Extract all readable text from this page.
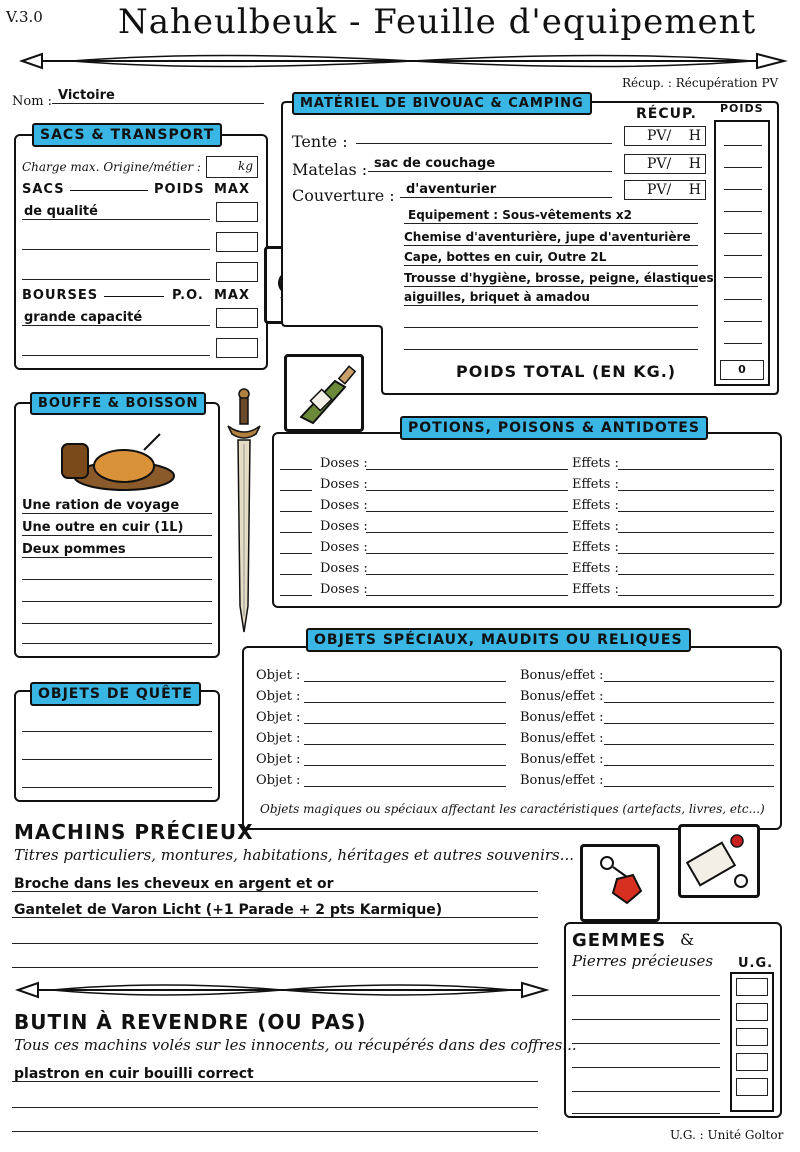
V.3.0 Naheulbeuk - Feuille d'equipement
Récup. : Récupération PV
Nom : Victoire
SACS & TRANSPORT
Charge max. Origine/métier :	kg
SACS	POIDS MAX
de qualité
BOURSES	P.O. MAX
grande capacité
MATÉRIEL DE BIVOUAC & CAMPING
RÉCUP. POIDS
Tente :	PV/ H
Matelas : sac de couchage	PV/ H
Couverture : d'aventurier	PV/ H
Equipement : Sous-vêtements x2
Chemise d'aventurière, jupe d'aventurière
Cape, bottes en cuir, Outre 2L
Trousse d'hygiène, brosse, peigne, élastiques
aiguilles, briquet à amadou
POIDS TOTAL (EN KG.)	0
BOUFFE & BOISSON
Une ration de voyage
Une outre en cuir (1L)
Deux pommes
POTIONS, POISONS & ANTIDOTES
Doses :	Effets :
Doses :	Effets :
Doses :	Effets :
Doses :	Effets :
Doses :	Effets :
Doses :	Effets :
Doses :	Effets :
OBJETS SPÉCIAUX, MAUDITS OU RELIQUES
Objet :	Bonus/effet :
Objet :	Bonus/effet :
Objet :	Bonus/effet :
Objet :	Bonus/effet :
Objet :	Bonus/effet :
Objet :	Bonus/effet :
Objets magiques ou spéciaux affectant les caractéristiques (artefacts, livres, etc...)
OBJETS DE QUÊTE
MACHINS PRÉCIEUX
Titres particuliers, montures, habitations, héritages et autres souvenirs...
Broche dans les cheveux en argent et or
Gantelet de Varon Licht (+1 Parade + 2 pts Karmique)
GEMMES &
Pierres précieuses U.G.
BUTIN À REVENDRE (OU PAS)
Tous ces machins volés sur les innocents, ou récupérés dans des coffres...
plastron en cuir bouilli correct
U.G. : Unité Goltor
